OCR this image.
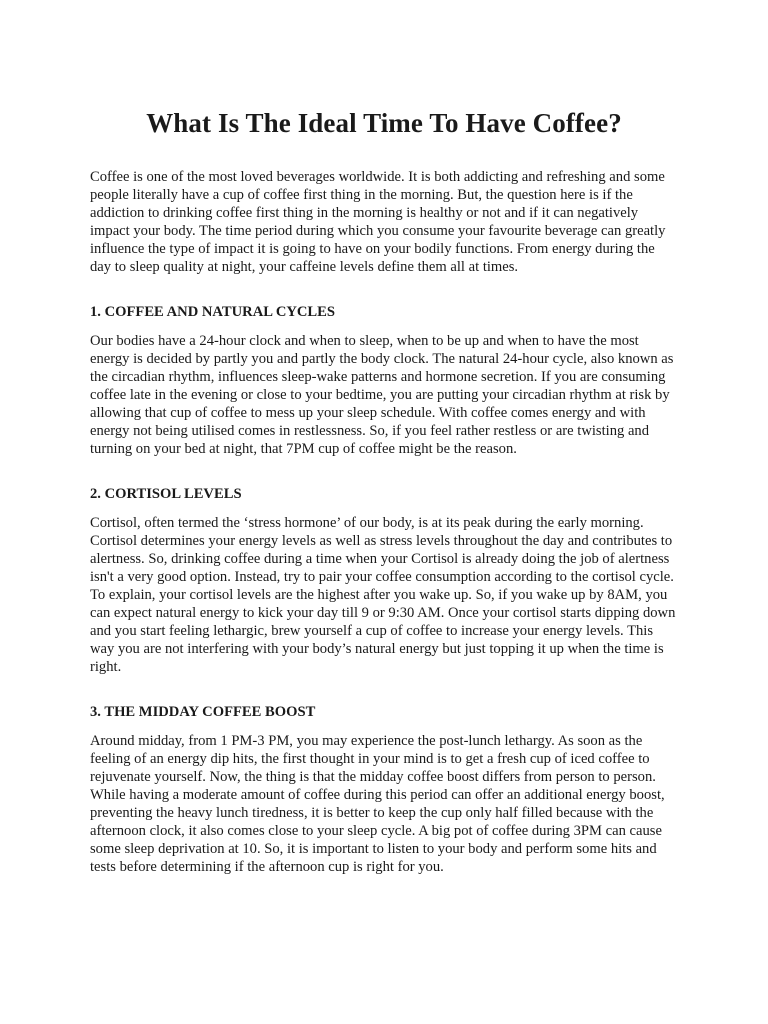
What Is The Ideal Time To Have Coffee?

Coffee is one of the most loved beverages worldwide. It is both addicting and refreshing and some people literally have a cup of coffee first thing in the morning. But, the question here is if the addiction to drinking coffee first thing in the morning is healthy or not and if it can negatively impact your body. The time period during which you consume your favourite beverage can greatly influence the type of impact it is going to have on your bodily functions. From energy during the day to sleep quality at night, your caffeine levels define them all at times.

1. COFFEE AND NATURAL CYCLES

Our bodies have a 24-hour clock and when to sleep, when to be up and when to have the most energy is decided by partly you and partly the body clock. The natural 24-hour cycle, also known as the circadian rhythm, influences sleep-wake patterns and hormone secretion. If you are consuming coffee late in the evening or close to your bedtime, you are putting your circadian rhythm at risk by allowing that cup of coffee to mess up your sleep schedule. With coffee comes energy and with energy not being utilised comes in restlessness. So, if you feel rather restless or are twisting and turning on your bed at night, that 7PM cup of coffee might be the reason.

2. CORTISOL LEVELS

Cortisol, often termed the ‘stress hormone’ of our body, is at its peak during the early morning. Cortisol determines your energy levels as well as stress levels throughout the day and contributes to alertness. So, drinking coffee during a time when your Cortisol is already doing the job of alertness isn't a very good option. Instead, try to pair your coffee consumption according to the cortisol cycle. To explain, your cortisol levels are the highest after you wake up. So, if you wake up by 8AM, you can expect natural energy to kick your day till 9 or 9:30 AM. Once your cortisol starts dipping down and you start feeling lethargic, brew yourself a cup of coffee to increase your energy levels. This way you are not interfering with your body’s natural energy but just topping it up when the time is right.

3. THE MIDDAY COFFEE BOOST

Around midday, from 1 PM-3 PM, you may experience the post-lunch lethargy. As soon as the feeling of an energy dip hits, the first thought in your mind is to get a fresh cup of iced coffee to rejuvenate yourself. Now, the thing is that the midday coffee boost differs from person to person. While having a moderate amount of coffee during this period can offer an additional energy boost, preventing the heavy lunch tiredness, it is better to keep the cup only half filled because with the afternoon clock, it also comes close to your sleep cycle. A big pot of coffee during 3PM can cause some sleep deprivation at 10. So, it is important to listen to your body and perform some hits and tests before determining if the afternoon cup is right for you.
